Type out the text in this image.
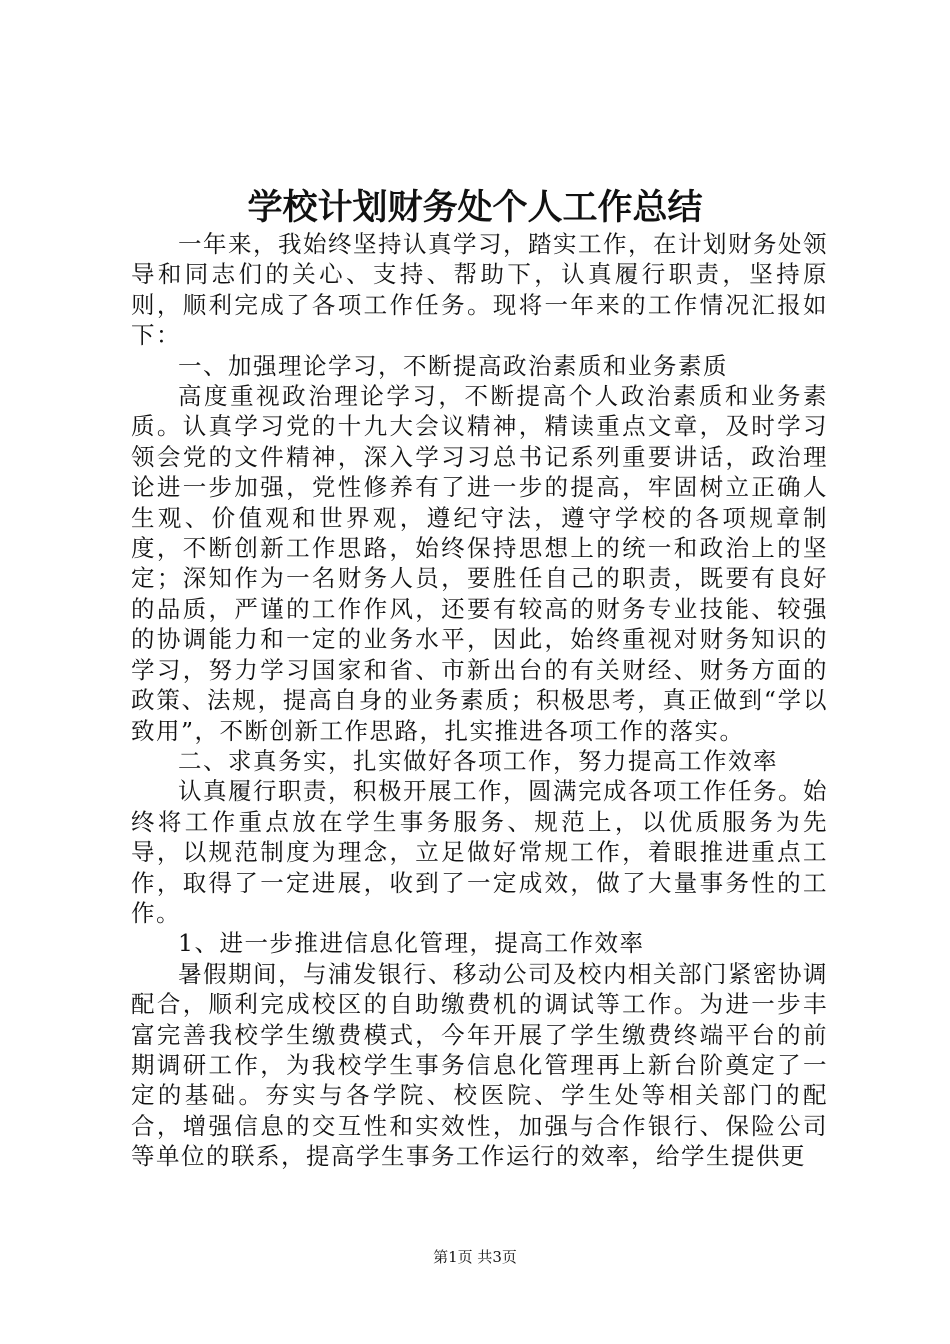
学校计划财务处个人工作总结

一年来，我始终坚持认真学习，踏实工作，在计划财务处领导和同志们的关心、支持、帮助下，认真履行职责，坚持原则，顺利完成了各项工作任务。现将一年来的工作情况汇报如下：

一、加强理论学习，不断提高政治素质和业务素质

高度重视政治理论学习，不断提高个人政治素质和业务素质。认真学习党的十九大会议精神，精读重点文章，及时学习领会党的文件精神，深入学习习总书记系列重要讲话，政治理论进一步加强，党性修养有了进一步的提高，牢固树立正确人生观、价值观和世界观，遵纪守法，遵守学校的各项规章制度，不断创新工作思路，始终保持思想上的统一和政治上的坚定；深知作为一名财务人员，要胜任自己的职责，既要有良好的品质，严谨的工作作风，还要有较高的财务专业技能、较强的协调能力和一定的业务水平，因此，始终重视对财务知识的学习，努力学习国家和省、市新出台的有关财经、财务方面的政策、法规，提高自身的业务素质；积极思考，真正做到“学以致用”，不断创新工作思路，扎实推进各项工作的落实。

二、求真务实，扎实做好各项工作，努力提高工作效率

认真履行职责，积极开展工作，圆满完成各项工作任务。始终将工作重点放在学生事务服务、规范上，以优质服务为先导，以规范制度为理念，立足做好常规工作，着眼推进重点工作，取得了一定进展，收到了一定成效，做了大量事务性的工作。

1、进一步推进信息化管理，提高工作效率

暑假期间，与浦发银行、移动公司及校内相关部门紧密协调配合，顺利完成校区的自助缴费机的调试等工作。为进一步丰富完善我校学生缴费模式，今年开展了学生缴费终端平台的前期调研工作，为我校学生事务信息化管理再上新台阶奠定了一定的基础。夯实与各学院、校医院、学生处等相关部门的配合，增强信息的交互性和实效性，加强与合作银行、保险公司等单位的联系，提高学生事务工作运行的效率，给学生提供更

第1页 共3页
